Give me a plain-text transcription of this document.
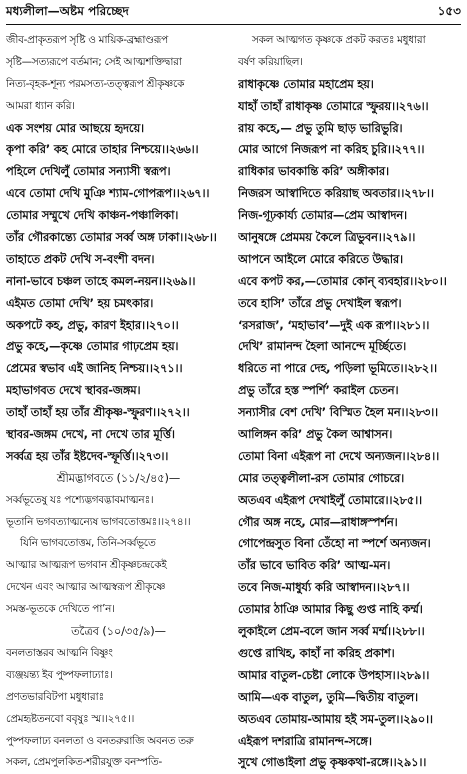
মধ্যলীলা—অষ্টম পরিচ্ছেদ	১৫৩
জীব-প্রাকৃতরূপ সৃষ্টি ও মায়িক-ব্রহ্মাণ্ডরূপ
সৃষ্টি—সত্যরূপে বর্তমান; সেই আত্মশক্তিদ্বারা
নিত্য-বৃহক-শূন্য পরমসত্য-তত্ত্বরূপ শ্রীকৃষ্ণকে
আমরা ধ্যান করি।
এক সংশয় মোর আছয়ে হৃদয়ে।
কৃপা করি’ কহ মোরে তাহার নিশ্চয়ে।।২৬৬।।
পহিলে দেখিলুঁ তোমার সন্যাসী স্বরূপ।
এবে তোমা দেখি মুঞি শ্যাম-গোপরূপ।।২৬৭।।
তোমার সম্মুখে দেখি কাঞ্চন-পঞ্চালিকা।
তাঁর গৌরকান্ত্যে তোমার সর্ব্ব অঙ্গ ঢাকা।।২৬৮।।
তাহাতে প্রকট দেখি স-বংশী বদন।
নানা-ভাবে চঞ্চল তাহে কমল-নয়ন।।২৬৯।।
এইমত তোমা দেখি’ হয় চমৎকার।
অকপটে কহ, প্রভু, কারণ ইহার।।২৭০।।
প্রভু কহে,—কৃষ্ণে তোমার গাঢ়প্রেম হয়।
প্রেমের স্বভাব এই জানিহ নিশ্চয়।।২৭১।।
মহাভাগবত দেখে স্থাবর-জঙ্গম।
তাহাঁ তাহাঁ হয় তাঁর শ্রীকৃষ্ণ-স্ফুরণ।।২৭২।।
স্থাবর-জঙ্গম দেখে, না দেখে তার মূর্ত্তি।
সর্ব্বত্র হয় তাঁর ইষ্টদেব-স্ফূর্ত্তি।।২৭৩।।
শ্রীমদ্ভাগবতে (১১/২/৪৫)—
সর্ব্বভূতেষু যঃ পশ্যেদ্ভগবদ্ভাবমাত্মনঃ।
ভূতানি ভগবত্যাত্মন্যেষ ভাগবতোত্তমঃ।।২৭৪।।
যিনি ভাগবতোত্তম, তিনি-সর্ব্বভূতে
আত্মার আত্মরূপ ভগবান শ্রীকৃষ্ণচন্দ্রকেই
দেখেন এবং আত্মার আত্মস্বরূপ শ্রীকৃষ্ণে
সমস্ত-ভূতকে দেখিতে পা’ন।
তত্রৈব (১০/৩৫/৯)—
বনলতাস্তরব আত্মনি বিষ্ণুং
ব্যঞ্জয়ন্ত্য ইব পুষ্পফলাঢ্যাঃ।
প্রণতভারবিটপা মধুধারাঃ
প্রেমহৃষ্টতনবো ববৃষুঃ স্ম।।২৭৫।।
পুষ্পফলাঢ্য বনলতা ও বনতরুরাজি অবনত তরু
সকল, প্রেমপুলকিত-শরীরযুক্ত বনস্পতি-
সকল আত্মগত কৃষ্ণকে প্রকট করতঃ মধুধারা
বর্ষণ করিয়াছিল।
রাধাকৃষ্ণে তোমার মহাপ্রেম হয়।
যাহাঁ তাহাঁ রাধাকৃষ্ণ তোমারে স্ফুরয়।।২৭৬।।
রায় কহে,— প্রভু তুমি ছাড় ভারিভুরি।
মোর আগে নিজরূপ না করিহ চুরি।।২৭৭।।
রাধিকার ভাবকান্তি করি’ অঙ্গীকার।
নিজরস আস্বাদিতে করিয়াছ অবতার।।২৭৮।।
নিজ-গূঢ়কার্য্য তোমার—প্রেম আস্বাদন।
আনুষঙ্গে প্রেমময় কৈলে ত্রিভুবন।।২৭৯।।
আপনে আইলে মোরে করিতে উদ্ধার।
এবে কপট কর,—তোমার কোন্ ব্যবহার।।২৮০।।
তবে হাসি’ তাঁরে প্রভু দেখাইল স্বরূপ।
‘রসরাজ’, ‘মহাভাব’—দুই এক রূপ।।২৮১।।
দেখি’ রামানন্দ হৈলা আনন্দে মূর্চ্ছিতে।
ধরিতে না পারে দেহ, পড়িলা ভূমিতে।।২৮২।।
প্রভু তাঁরে হস্ত স্পর্শি’ করাইল চেতন।
সন্যাসীর বেশ দেখি’ বিস্মিত হৈল মন।।২৮৩।।
আলিঙ্গন করি’ প্রভু কৈল আশ্বাসন।
তোমা বিনা এইরূপ না দেখে অন্যজন।।২৮৪।।
মোর তত্ত্বলীলা-রস তোমার গোচরে।
অতএব এইরূপ দেখাইলুঁ তোমারে।।২৮৫।।
গৌর অঙ্গ নহে, মোর—রাধাঙ্গস্পর্শন।
গোপেন্দ্রসুত বিনা তেঁহো না স্পর্শে অন্যজন।
তাঁর ভাবে ভাবিত করি’ আত্ম-মন।
তবে নিজ-মাধুর্য্য করি আস্বাদন।।২৮৭।।
তোমার ঠাঞি আমার কিছু গুপ্ত নাহি কর্ম্ম।
লুকাইলে প্রেম-বলে জান সর্ব্ব মর্ম্ম।।২৮৮।।
গুপ্তে রাখিহ, কাহাঁ না করিহ প্রকাশ।
আমার বাতুল-চেষ্টা লোকে উপহাস।।২৮৯।।
আমি—এক বাতুল, তুমি—দ্বিতীয় বাতুল।
অতএব তোমায়-আমায় হই সম-তুল।।২৯০।।
এইরূপ দশরাত্রি রামানন্দ-সঙ্গে।
সুখে গোঙাইলা প্রভু কৃষ্ণকথা-রঙ্গে।।২৯১।।
